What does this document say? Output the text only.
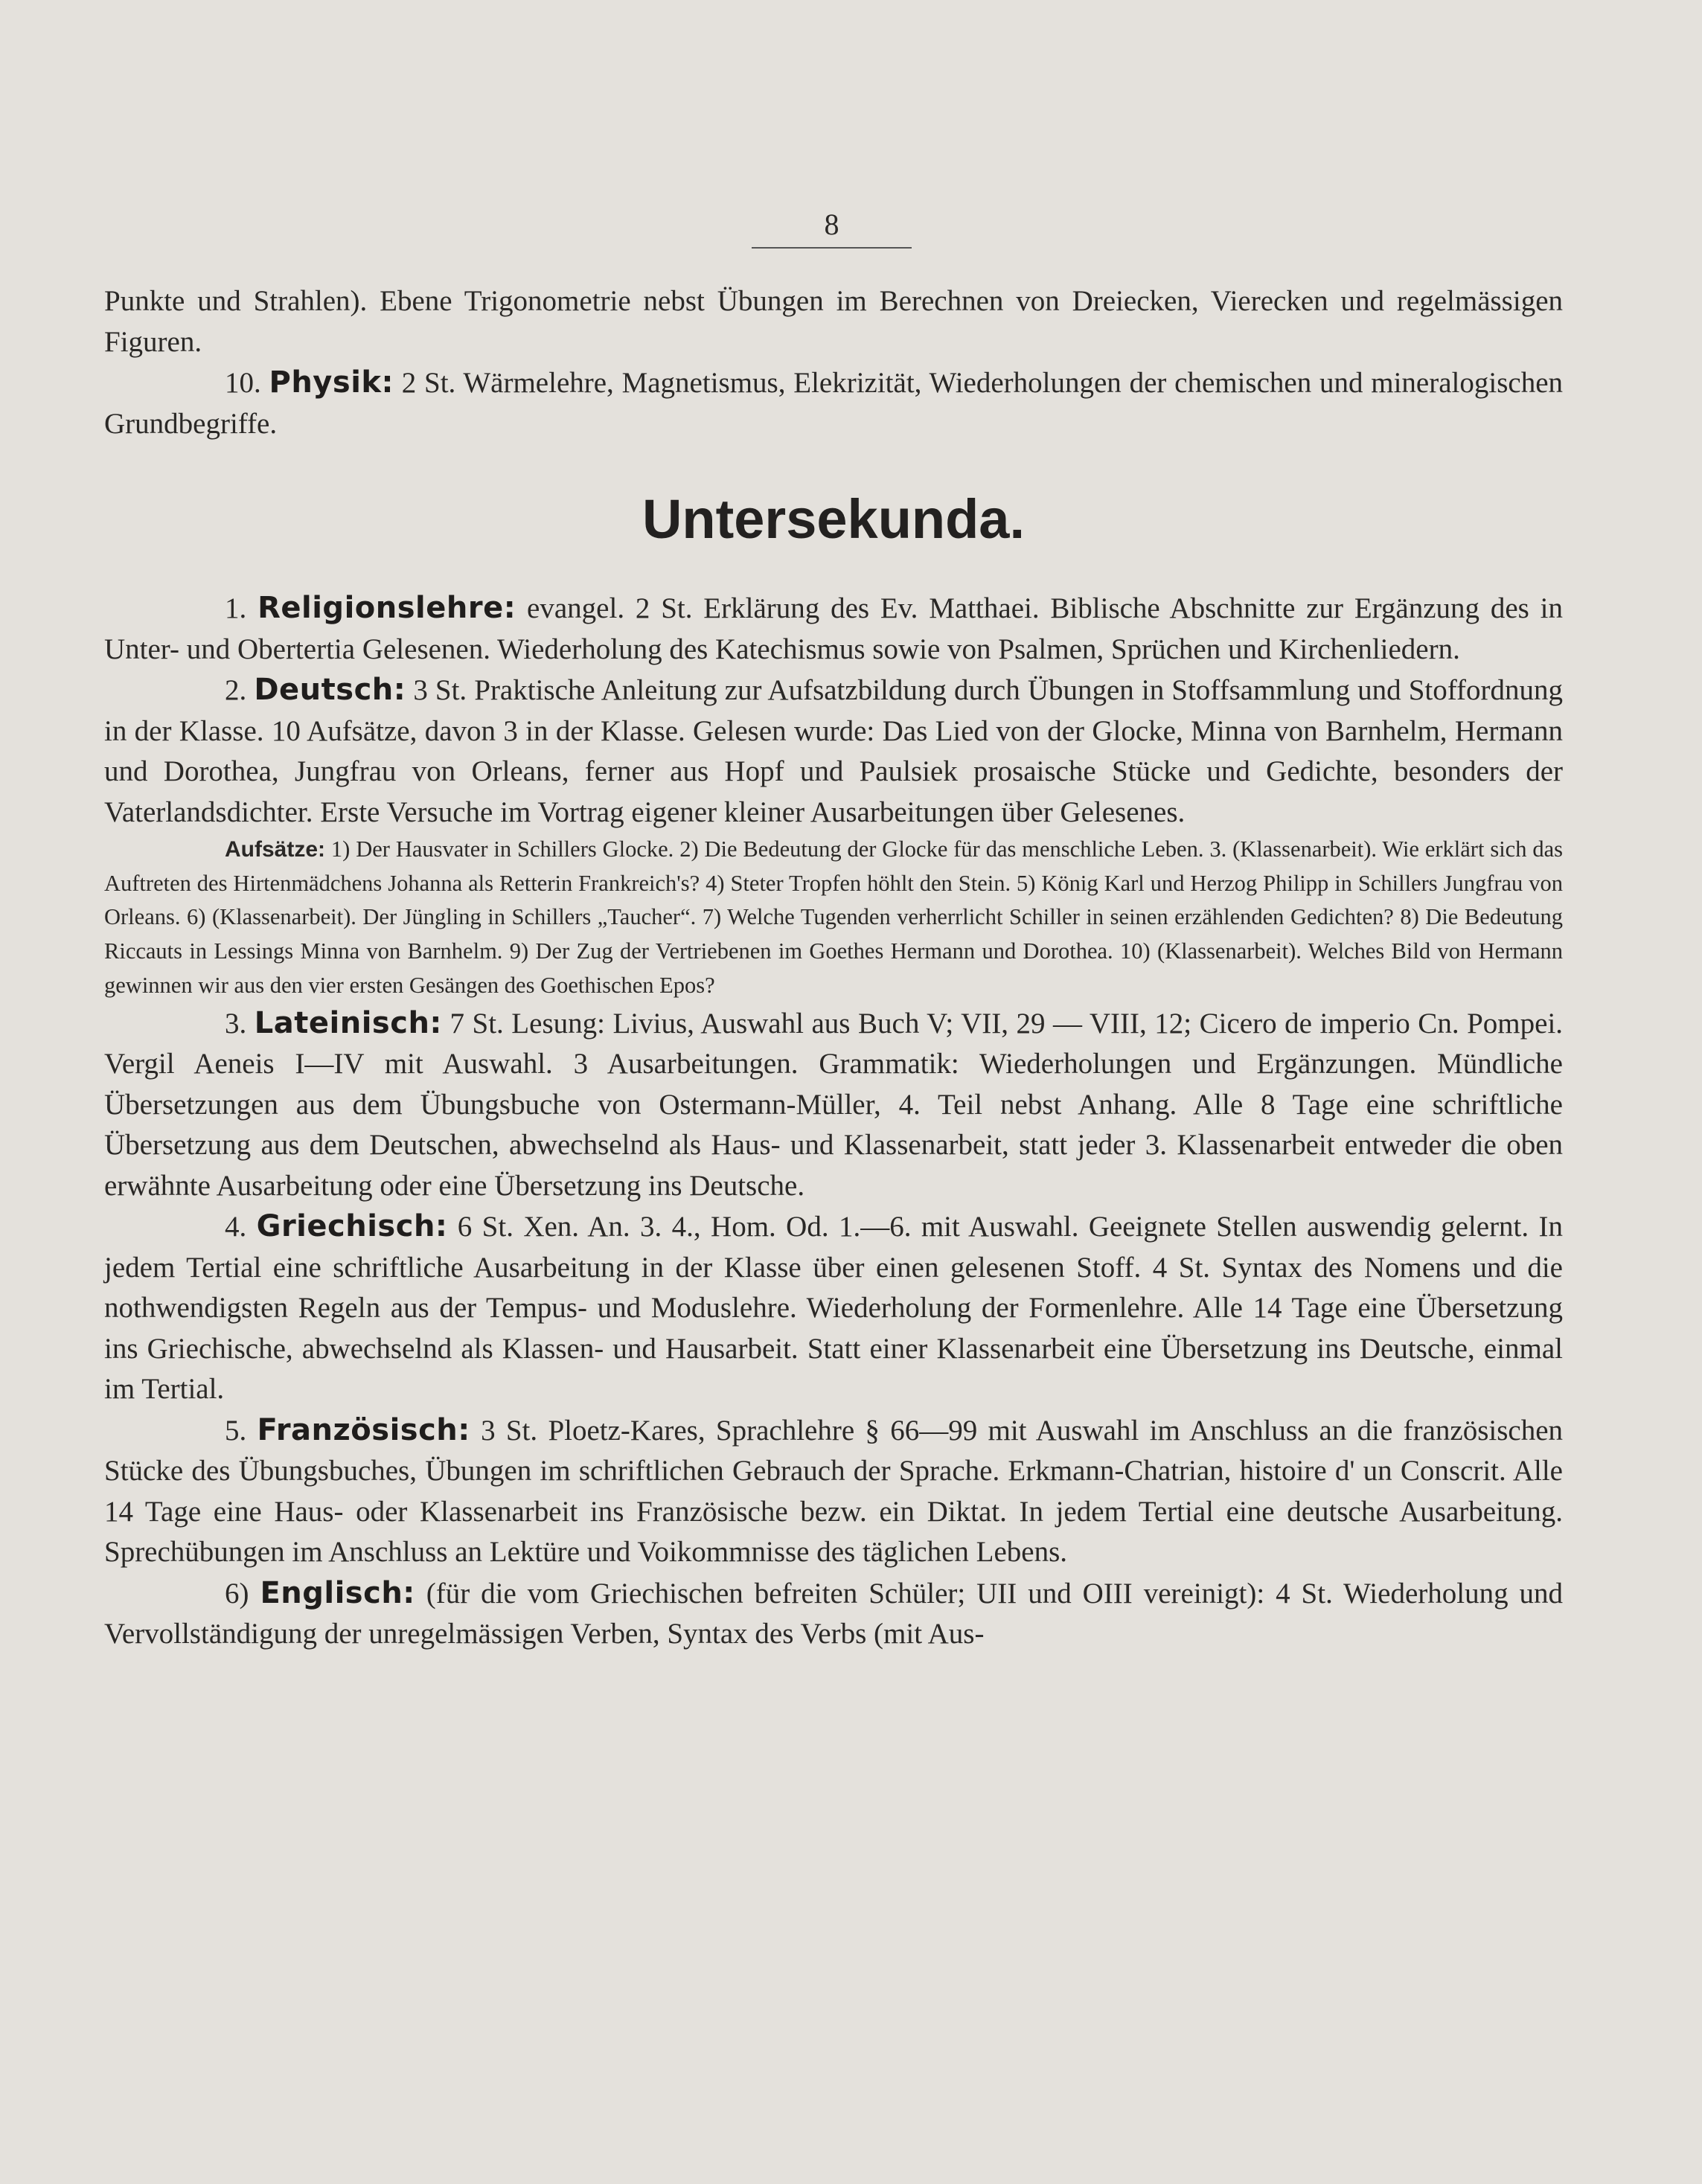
8

Punkte und Strahlen). Ebene Trigonometrie nebst Übungen im Berechnen von Dreiecken, Vierecken und regelmässigen Figuren.

10. Physik: 2 St. Wärmelehre, Magnetismus, Elekrizität, Wiederholungen der chemischen und mineralogischen Grundbegriffe.

Untersekunda.

1. Religionslehre: evangel. 2 St. Erklärung des Ev. Matthaei. Biblische Abschnitte zur Ergänzung des in Unter- und Obertertia Gelesenen. Wiederholung des Katechismus sowie von Psalmen, Sprüchen und Kirchenliedern.

2. Deutsch: 3 St. Praktische Anleitung zur Aufsatzbildung durch Übungen in Stoffsammlung und Stoffordnung in der Klasse. 10 Aufsätze, davon 3 in der Klasse. Gelesen wurde: Das Lied von der Glocke, Minna von Barnhelm, Hermann und Dorothea, Jungfrau von Orleans, ferner aus Hopf und Paulsiek prosaische Stücke und Gedichte, besonders der Vaterlandsdichter. Erste Versuche im Vortrag eigener kleiner Ausarbeitungen über Gelesenes.

Aufsätze: 1) Der Hausvater in Schillers Glocke. 2) Die Bedeutung der Glocke für das menschliche Leben. 3. (Klassenarbeit). Wie erklärt sich das Auftreten des Hirtenmädchens Johanna als Retterin Frankreich's? 4) Steter Tropfen höhlt den Stein. 5) König Karl und Herzog Philipp in Schillers Jungfrau von Orleans. 6) (Klassenarbeit). Der Jüngling in Schillers „Taucher“. 7) Welche Tugenden verherrlicht Schiller in seinen erzählenden Gedichten? 8) Die Bedeutung Riccauts in Lessings Minna von Barnhelm. 9) Der Zug der Vertriebenen im Goethes Hermann und Dorothea. 10) (Klassenarbeit). Welches Bild von Hermann gewinnen wir aus den vier ersten Gesängen des Goethischen Epos?

3. Lateinisch: 7 St. Lesung: Livius, Auswahl aus Buch V; VII, 29 — VIII, 12; Cicero de imperio Cn. Pompei. Vergil Aeneis I—IV mit Auswahl. 3 Ausarbeitungen. Grammatik: Wiederholungen und Ergänzungen. Mündliche Übersetzungen aus dem Übungsbuche von Ostermann-Müller, 4. Teil nebst Anhang. Alle 8 Tage eine schriftliche Übersetzung aus dem Deutschen, abwechselnd als Haus- und Klassenarbeit, statt jeder 3. Klassenarbeit entweder die oben erwähnte Ausarbeitung oder eine Übersetzung ins Deutsche.

4. Griechisch: 6 St. Xen. An. 3. 4., Hom. Od. 1.—6. mit Auswahl. Geeignete Stellen auswendig gelernt. In jedem Tertial eine schriftliche Ausarbeitung in der Klasse über einen gelesenen Stoff. 4 St. Syntax des Nomens und die nothwendigsten Regeln aus der Tempus- und Moduslehre. Wiederholung der Formenlehre. Alle 14 Tage eine Übersetzung ins Griechische, abwechselnd als Klassen- und Hausarbeit. Statt einer Klassenarbeit eine Übersetzung ins Deutsche, einmal im Tertial.

5. Französisch: 3 St. Ploetz-Kares, Sprachlehre § 66—99 mit Auswahl im Anschluss an die französischen Stücke des Übungsbuches, Übungen im schriftlichen Gebrauch der Sprache. Erkmann-Chatrian, histoire d' un Conscrit. Alle 14 Tage eine Haus- oder Klassenarbeit ins Französische bezw. ein Diktat. In jedem Tertial eine deutsche Ausarbeitung. Sprechübungen im Anschluss an Lektüre und Voikommnisse des täglichen Lebens.

6) Englisch: (für die vom Griechischen befreiten Schüler; UII und OIII vereinigt): 4 St. Wiederholung und Vervollständigung der unregelmässigen Verben, Syntax des Verbs (mit Aus-
